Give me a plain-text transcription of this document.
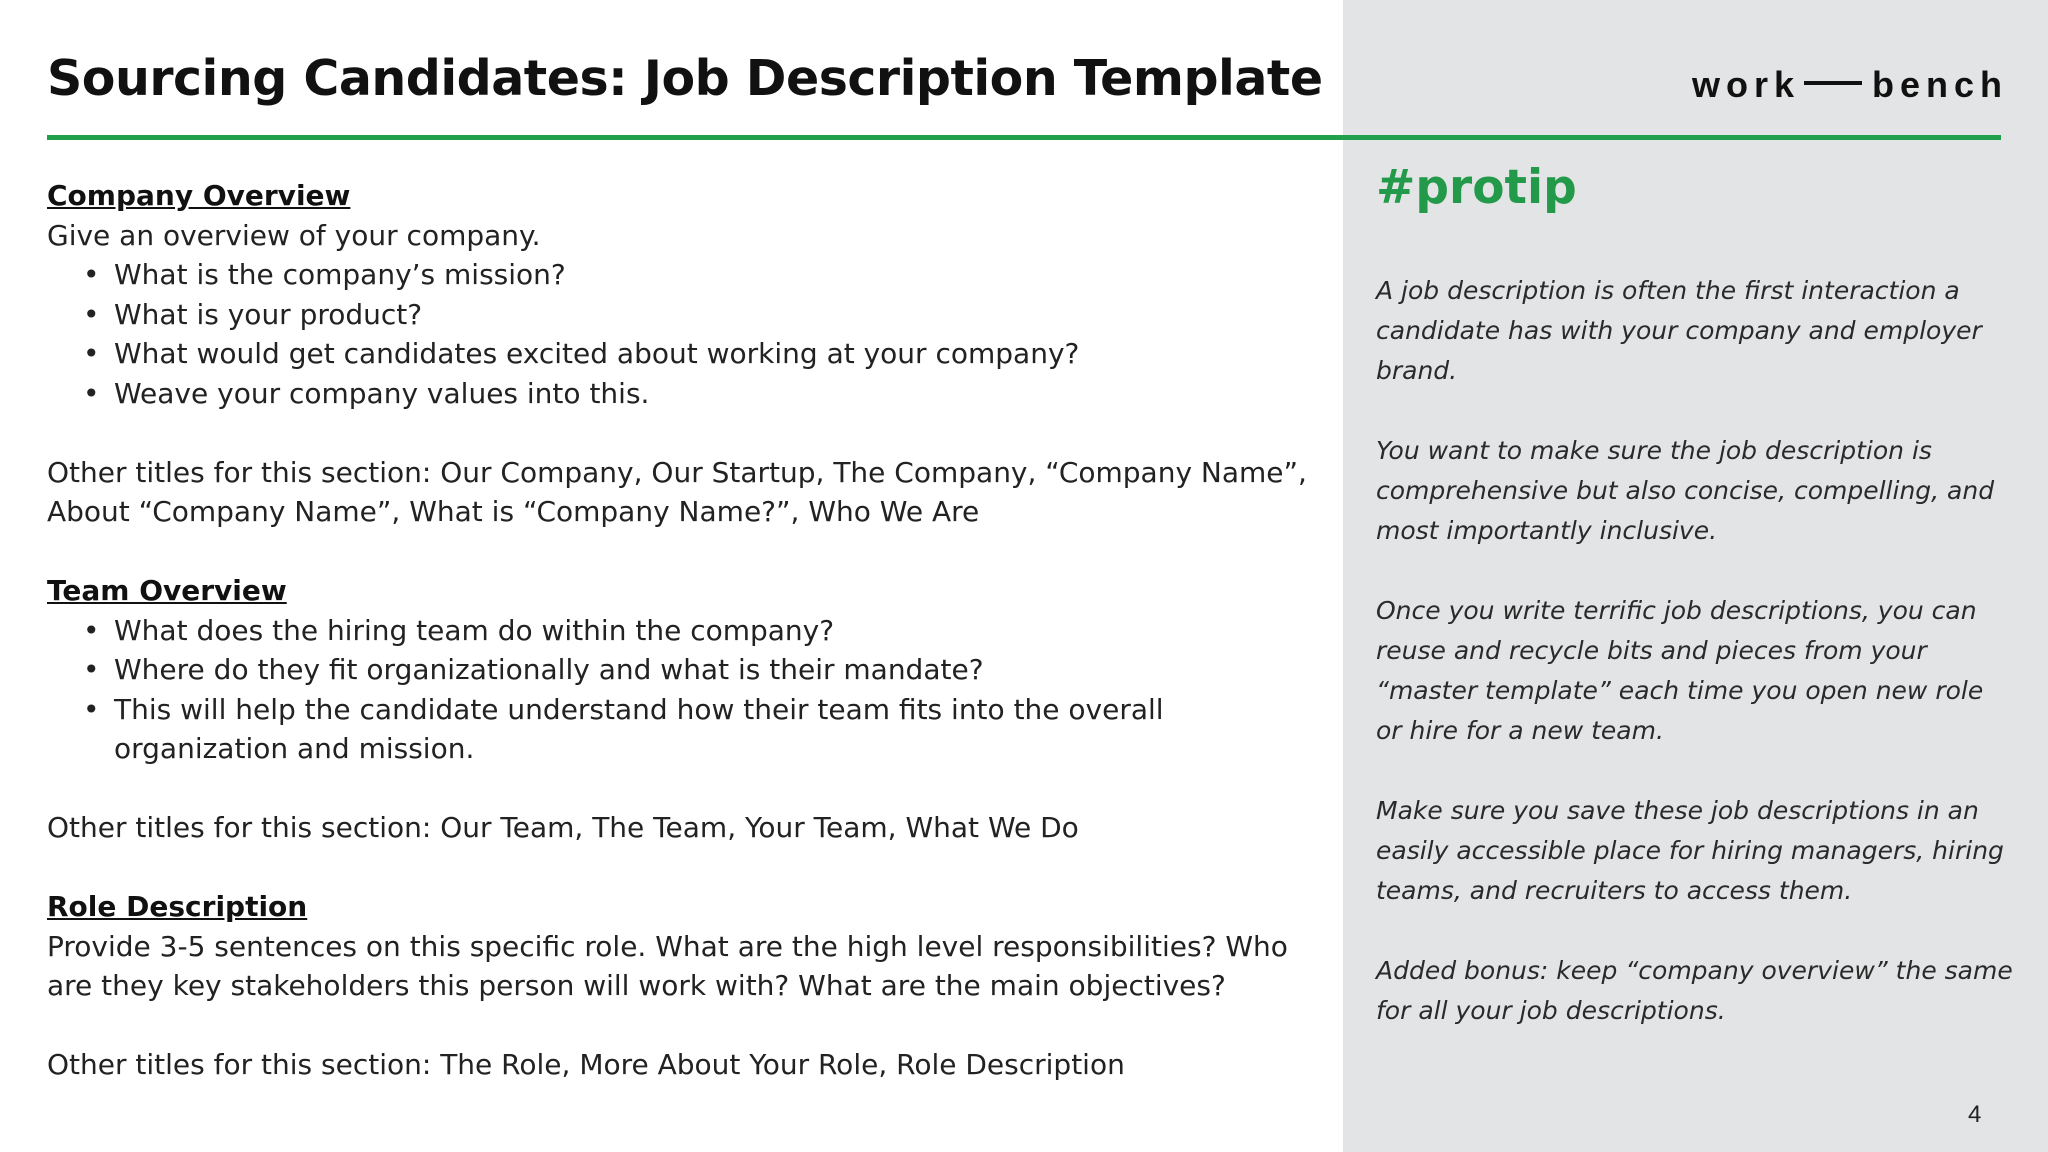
Sourcing Candidates: Job Description Template	work bench

Company Overview

Give an overview of your company.

• What is the company’s mission?
• What is your product?
• What would get candidates excited about working at your company?
• Weave your company values into this.

Other titles for this section: Our Company, Our Startup, The Company, “Company Name”, About “Company Name”, What is “Company Name?”, Who We Are

Team Overview

• What does the hiring team do within the company?
• Where do they fit organizationally and what is their mandate?
• This will help the candidate understand how their team fits into the overall organization and mission.

Other titles for this section: Our Team, The Team, Your Team, What We Do

Role Description

Provide 3-5 sentences on this specific role. What are the high level responsibilities? Who are they key stakeholders this person will work with? What are the main objectives?

Other titles for this section: The Role, More About Your Role, Role Description

#protip

A job description is often the first interaction a candidate has with your company and employer brand.

You want to make sure the job description is comprehensive but also concise, compelling, and most importantly inclusive.

Once you write terrific job descriptions, you can reuse and recycle bits and pieces from your “master template” each time you open new role or hire for a new team.

Make sure you save these job descriptions in an easily accessible place for hiring managers, hiring teams, and recruiters to access them.

Added bonus: keep “company overview” the same for all your job descriptions.

4
